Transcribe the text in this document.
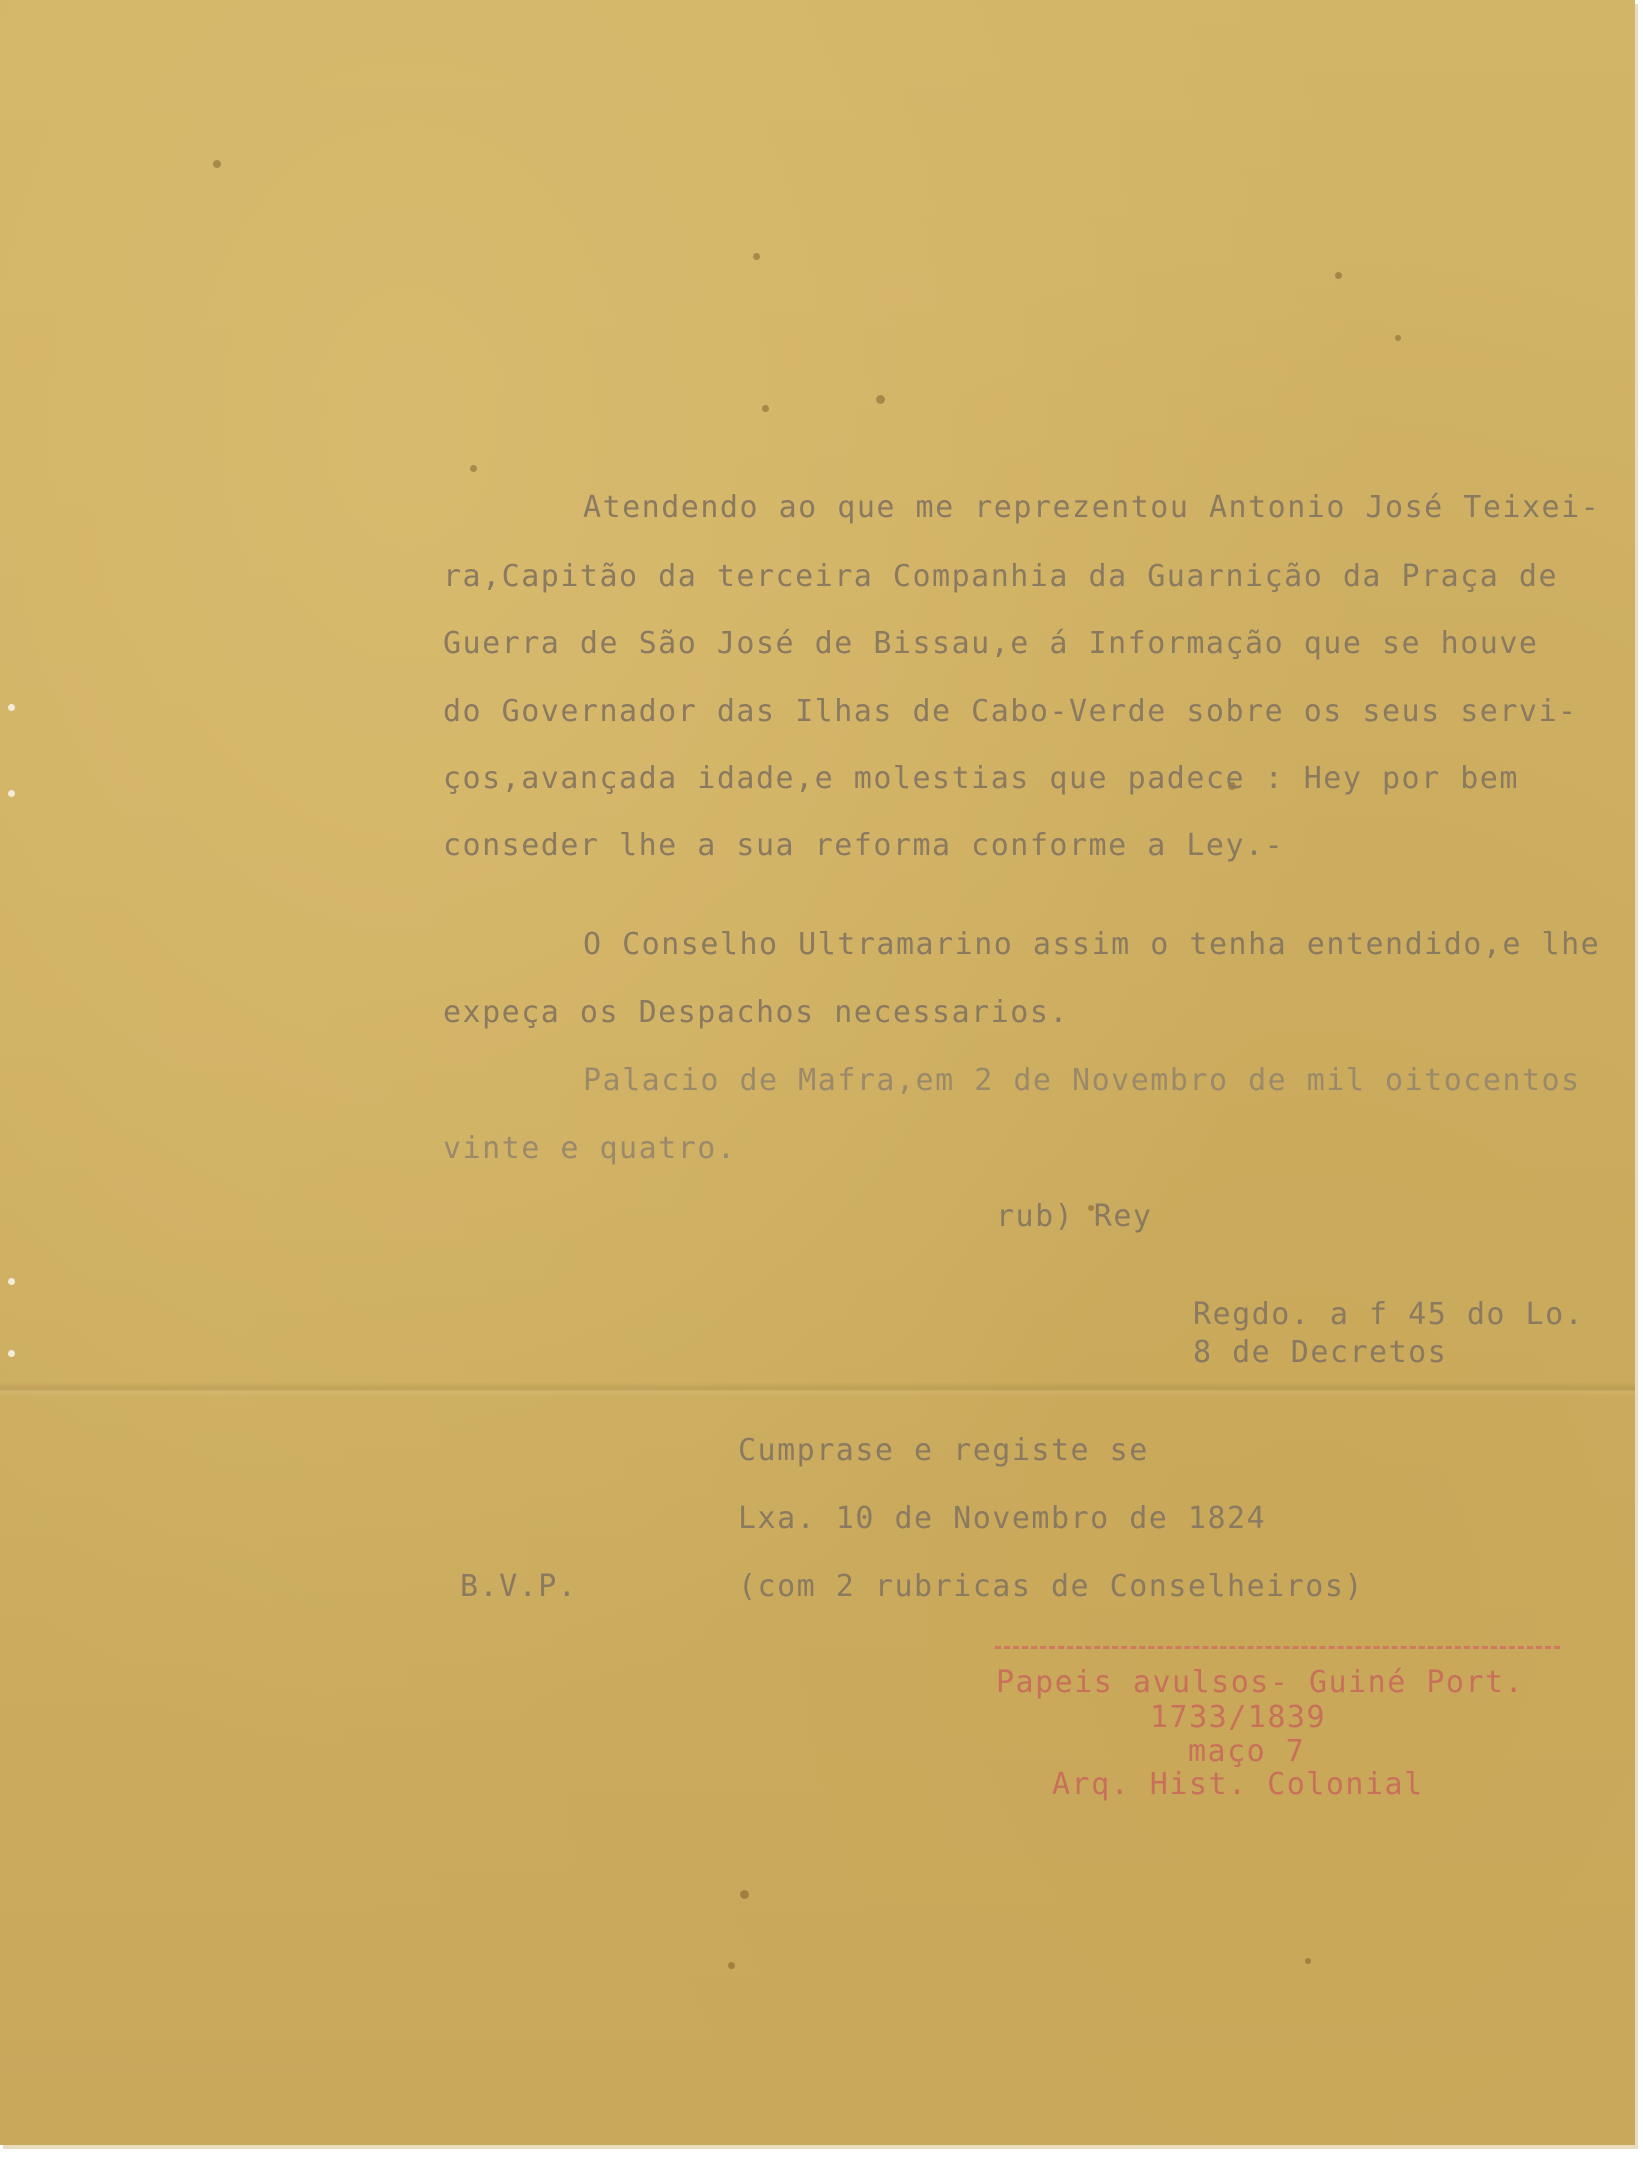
Atendendo ao que me reprezentou Antonio José Teixei-

ra,Capitão da terceira Companhia da Guarnição da Praça de

Guerra de São José de Bissau,e á Informação que se houve

do Governador das Ilhas de Cabo-Verde sobre os seus servi-

ços,avançada idade,e molestias que padece : Hey por bem

conseder lhe a sua reforma conforme a Ley.-

O Conselho Ultramarino assim o tenha entendido,e lhe

expeça os Despachos necessarios.

Palacio de Mafra,em 2 de Novembro de mil oitocentos

vinte e quatro.

rub) Rey

Regdo. a f 45 do Lo.

8 de Decretos

Cumprase e registe se

Lxa. 10 de Novembro de 1824

(com 2 rubricas de Conselheiros)

B.V.P.

Papeis avulsos- Guiné Port.

1733/1839

maço 7

Arq. Hist. Colonial
